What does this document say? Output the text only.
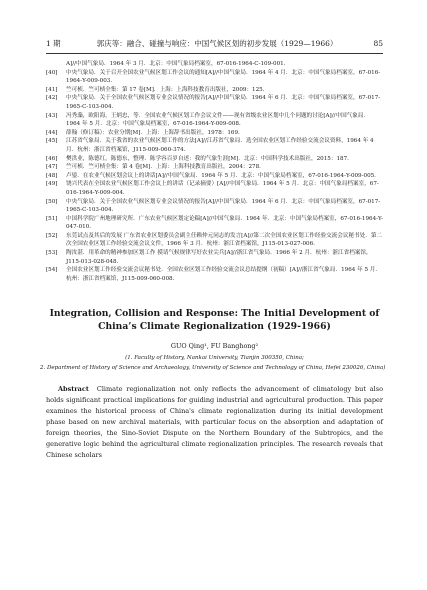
1 期	郭庆等：融合、碰撞与响应：中国气候区划的初步发展（1929—1966）	85
A]//中国气象局．1964 年 3 月．北京：中国气象局档案室，67-016-1964-C-109-001.
[40]	中央气象局．关于召开全国农业气候区划工作会议的通知[A]//中国气象局．1964 年 4 月．北京：中国气象局档案室，67-016-1964-Y-009-003.
[41]	竺可桢．竺可桢全集：第 17 卷[M]．上海：上海科技教育出版社，2009：125.
[42]	中央气象局．关于全国农业气候区划专业会议情况的报告[A]//中国气象局．1964 年 6 月．北京：中国气象局档案室，67-017-1965-C-103-004.
[43]	冯秀藻，欧阳海，王炳忠，等．全国农业气候区划工作会议文件——现有省级农业区划中几个问题的讨论[A]//中国气象局．1964 年 5 月．北京：中国气象局档案室，67-016-1964-Y-009-008.
[44]	薛翰（修订稿）：农业分期[M]．上海：上海辞书出版社，1978：169.
[45]	江苏省气象局．关于我省的农业气候区划工作的方法[A]//江苏省气象局．选全国农业区划工作经验交流会议资料，1964 年 4 月．杭州：浙江省档案馆，J115-009-060-374.
[46]	樊洪业，陈德红，陈德东，整理．陈学容百岁自述：我的气象生涯[M]．北京：中国科学技术出版社，2015：187.
[47]	竺可桢．竺可桢全集：第 4 卷[M]．上海：上海科技教育出版社，2004：278.
[48]	卢鋈．在农业气候区划会议上的讲话[A]//中国气象局．1964 年 5 月．北京：中国气象局档案室，67-016-1964-Y-009-005.
[49]	饶兴代表在全国农业气候区划工作会议上的讲话（记录摘要）[A]//中国气象局．1964 年 5 月．北京：中国气象局档案室，67-016-1964-Y-009-004.
[50]	中央气象局．关于全国农业气候区划专业会议情况的报告[A]//中国气象局．1964 年 6 月．北京：中国气象局档案室，67-017-1965-C-103-004.
[51]	中国科学院广州地理研究所．广东农业气候区划定论稿[A]//中国气象局．1964 年．北京：中国气象局档案室，67-016-1964-Y-047-010.
[52]	东莞试点及其后的发展 广东省农业区划委员会副主任赖仲元同志的发言[A]//第二次全国农业区划工作经验交流会议秘书处．第二次全国农业区划工作经验交流会议文件，1966 年 3 月．杭州：浙江省档案馆，J115-013-027-006.
[53]	陶汝湛．用革命的精神参加区划工作 摸请气候规律写好农业尖兵[A]//浙江省气象局．1966 年 2 月．杭州：浙江省档案馆，J115-013-028-048.
[54]	全国农业区划工作经验交流会议秘书处．全国农业区划工作经验交流会议总结提纲（初稿）[A]//浙江省气象局．1964 年 5 月．杭州：浙江省档案馆，J115-009-060-008.
Integration, Collision and Response: The Initial Development of China’s Climate Regionalization (1929-1966)
GUO Qing¹, FU Banghong²
(1. Faculty of History, Nankai University, Tianjin 300350, China;
2. Department of History of Science and Archaeology, University of Science and Technology of China, Hefei 230026, China)
Abstract Climate regionalization not only reflects the advancement of climatology but also holds significant practical implications for guiding industrial and agricultural production. This paper examines the historical process of China's climate regionalization during its initial development phase based on new archival materials, with particular focus on the absorption and adaptation of foreign theories, the Sino-Soviet Dispute on the Northern Boundary of the Subtropics, and the generative logic behind the agricultural climate regionalization principles. The research reveals that Chinese scholars
